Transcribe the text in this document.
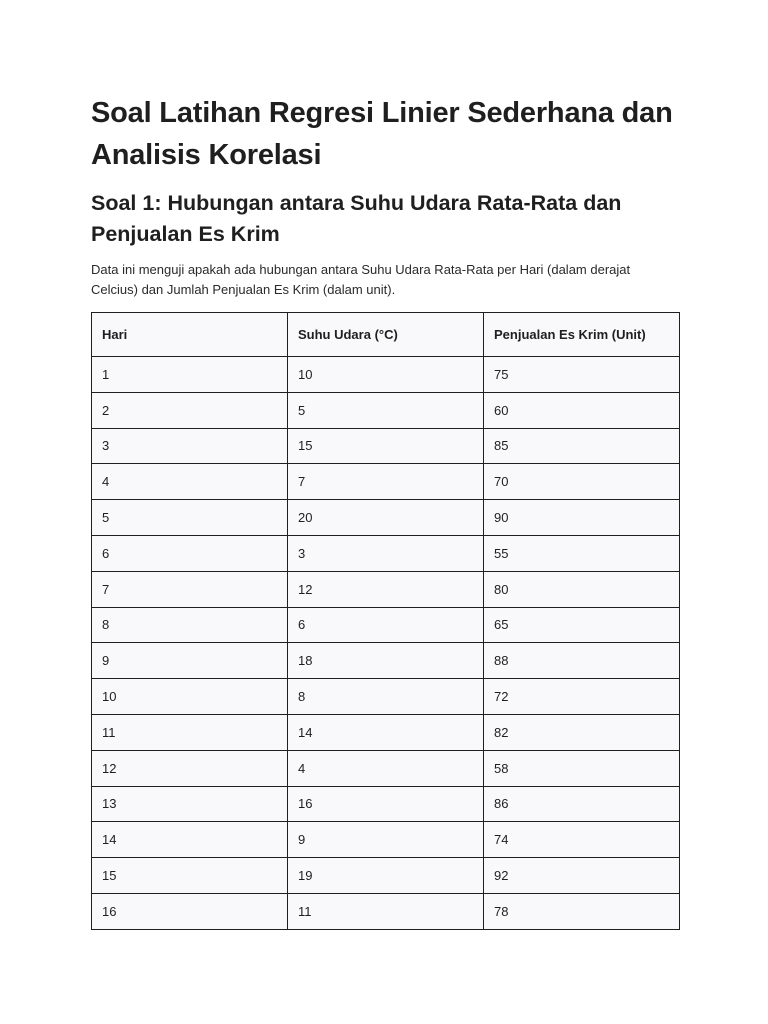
Soal Latihan Regresi Linier Sederhana dan Analisis Korelasi
Soal 1: Hubungan antara Suhu Udara Rata-Rata dan Penjualan Es Krim

Data ini menguji apakah ada hubungan antara Suhu Udara Rata-Rata per Hari (dalam derajat Celcius) dan Jumlah Penjualan Es Krim (dalam unit).

Hari	Suhu Udara (°C)	Penjualan Es Krim (Unit)
1	10	75
2	5	60
3	15	85
4	7	70
5	20	90
6	3	55
7	12	80
8	6	65
9	18	88
10	8	72
11	14	82
12	4	58
13	16	86
14	9	74
15	19	92
16	11	78
